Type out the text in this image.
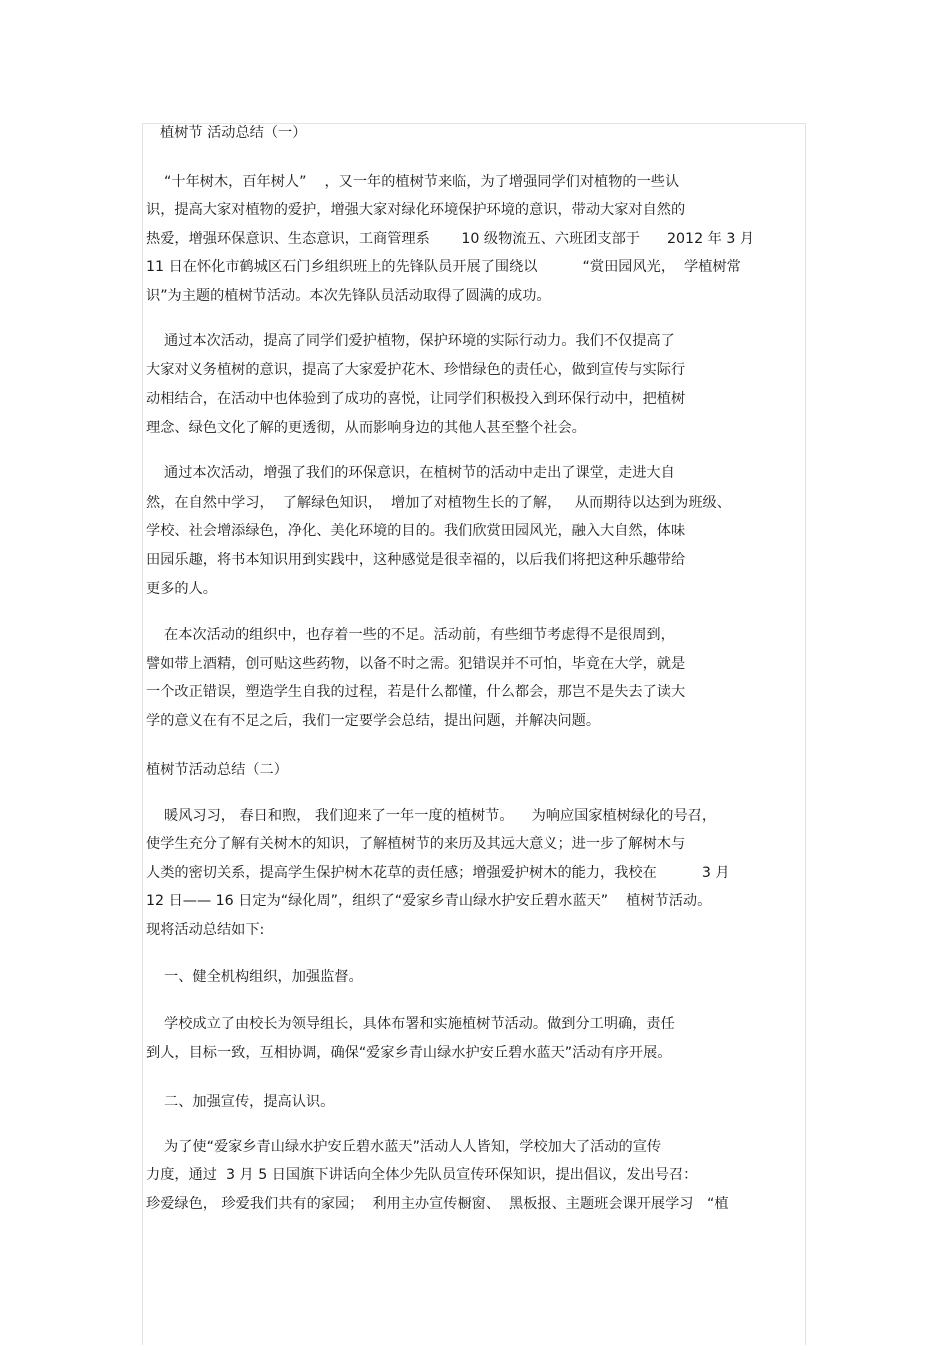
植树节 活动总结（一）
“十年树木，百年树人”    ，又一年的植树节来临，为了增强同学们对植物的一些认
识，提高大家对植物的爱护，增强大家对绿化环境保护环境的意识，带动大家对自然的
热爱，增强环保意识、生态意识，工商管理系       10 级物流五、六班团支部于      2012 年 3 月
11 日在怀化市鹤城区石门乡组织班上的先锋队员开展了围绕以          “赏田园风光，  学植树常
识”为主题的植树节活动。本次先锋队员活动取得了圆满的成功。
通过本次活动，提高了同学们爱护植物，保护环境的实际行动力。我们不仅提高了
大家对义务植树的意识，提高了大家爱护花木、珍惜绿色的责任心，做到宣传与实际行
动相结合，在活动中也体验到了成功的喜悦，让同学们积极投入到环保行动中，把植树
理念、绿色文化了解的更透彻，从而影响身边的其他人甚至整个社会。
通过本次活动，增强了我们的环保意识，在植树节的活动中走出了课堂，走进大自
然，在自然中学习，  了解绿色知识，  增加了对植物生长的了解，   从而期待以达到为班级、
学校、社会增添绿色，净化、美化环境的目的。我们欣赏田园风光，融入大自然，体味
田园乐趣，将书本知识用到实践中，这种感觉是很幸福的，以后我们将把这种乐趣带给
更多的人。
在本次活动的组织中，也存着一些的不足。活动前，有些细节考虑得不是很周到，
譬如带上酒精，创可贴这些药物，以备不时之需。犯错误并不可怕，毕竟在大学，就是
一个改正错误，塑造学生自我的过程，若是什么都懂，什么都会，那岂不是失去了读大
学的意义在有不足之后，我们一定要学会总结，提出问题，并解决问题。
植树节活动总结（二）
暖风习习， 春日和煦， 我们迎来了一年一度的植树节。    为响应国家植树绿化的号召，
使学生充分了解有关树木的知识，了解植树节的来历及其远大意义；进一步了解树木与
人类的密切关系，提高学生保护树木花草的责任感；增强爱护树木的能力，我校在          3 月
12 日—— 16 日定为“绿化周”，组织了“爱家乡青山绿水护安丘碧水蓝天”    植树节活动。
现将活动总结如下:
一、健全机构组织，加强监督。
学校成立了由校长为领导组长，具体布署和实施植树节活动。做到分工明确，责任
到人，目标一致，互相协调，确保“爱家乡青山绿水护安丘碧水蓝天”活动有序开展。
二、加强宣传，提高认识。
为了使“爱家乡青山绿水护安丘碧水蓝天”活动人人皆知，学校加大了活动的宣传
力度，通过  3 月 5 日国旗下讲话向全体少先队员宣传环保知识，提出倡议，发出号召：
珍爱绿色， 珍爱我们共有的家园；  利用主办宣传橱窗、  黑板报、主题班会课开展学习   “植
